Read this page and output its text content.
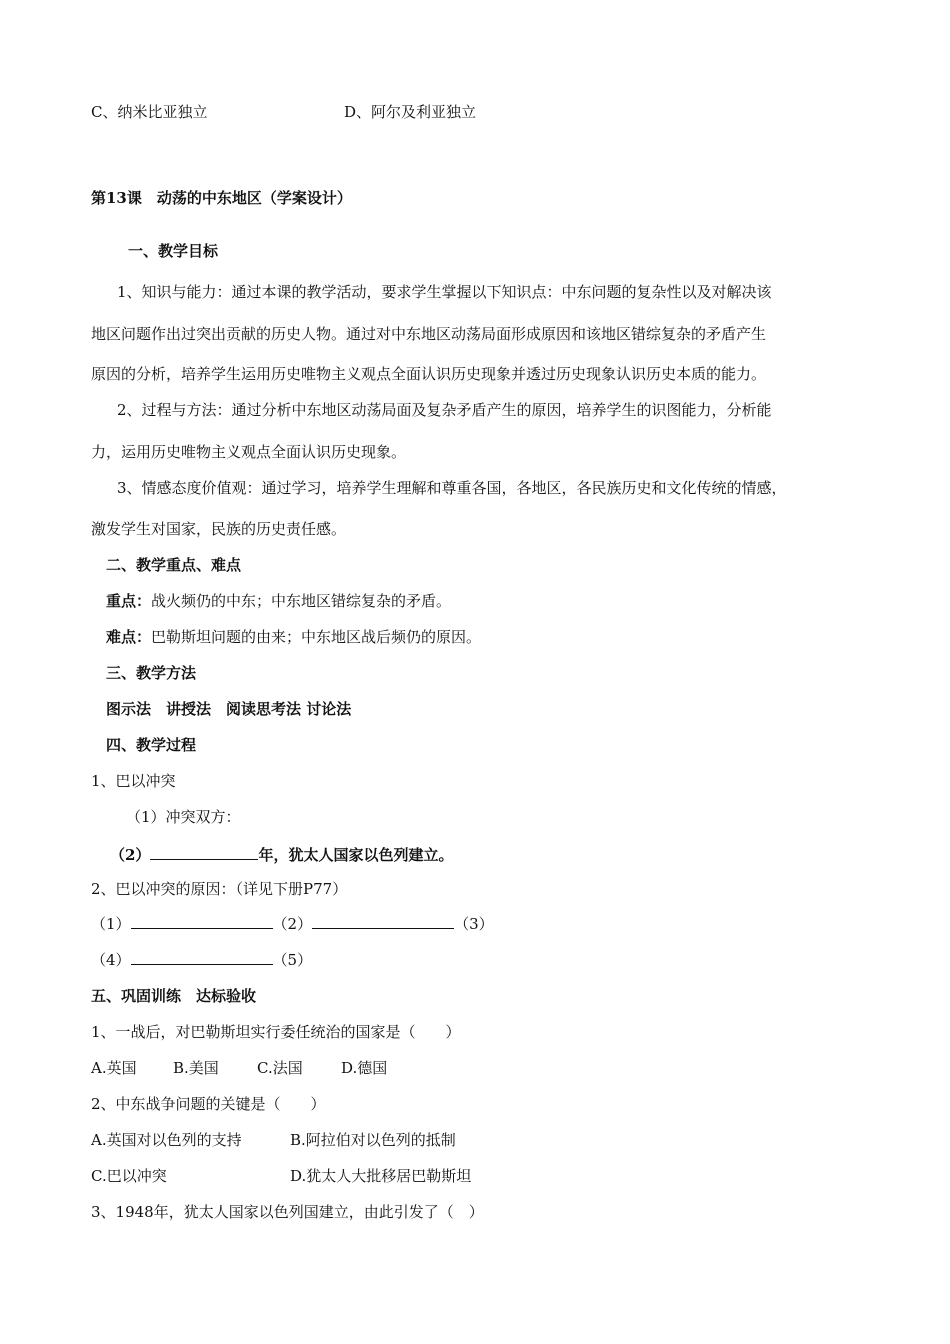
C、纳米比亚独立	D、阿尔及利亚独立
第13课　动荡的中东地区（学案设计）
一、教学目标
1、知识与能力：通过本课的教学活动，要求学生掌握以下知识点：中东问题的复杂性以及对解决该
地区问题作出过突出贡献的历史人物。通过对中东地区动荡局面形成原因和该地区错综复杂的矛盾产生
原因的分析，培养学生运用历史唯物主义观点全面认识历史现象并透过历史现象认识历史本质的能力。
2、过程与方法：通过分析中东地区动荡局面及复杂矛盾产生的原因，培养学生的识图能力，分析能
力，运用历史唯物主义观点全面认识历史现象。
3、情感态度价值观：通过学习，培养学生理解和尊重各国，各地区，各民族历史和文化传统的情感，
激发学生对国家，民族的历史责任感。
二、教学重点、难点
重点：战火频仍的中东；中东地区错综复杂的矛盾。
难点：巴勒斯坦问题的由来；中东地区战后频仍的原因。
三、教学方法
图示法　讲授法　阅读思考法 讨论法
四、教学过程
1、巴以冲突
（1）冲突双方：
（2）	年，犹太人国家以色列建立。
2、巴以冲突的原因：（详见下册P77）
（1）	（2）	（3）
（4）	（5）
五、巩固训练　达标验收
1、一战后，对巴勒斯坦实行委任统治的国家是（　　）
A.英国 B.美国	C.法国	D.德国
2、中东战争问题的关键是（　　）
A.英国对以色列的支持	B.阿拉伯对以色列的抵制
C.巴以冲突	D.犹太人大批移居巴勒斯坦
3、1948年，犹太人国家以色列国建立，由此引发了（　）
